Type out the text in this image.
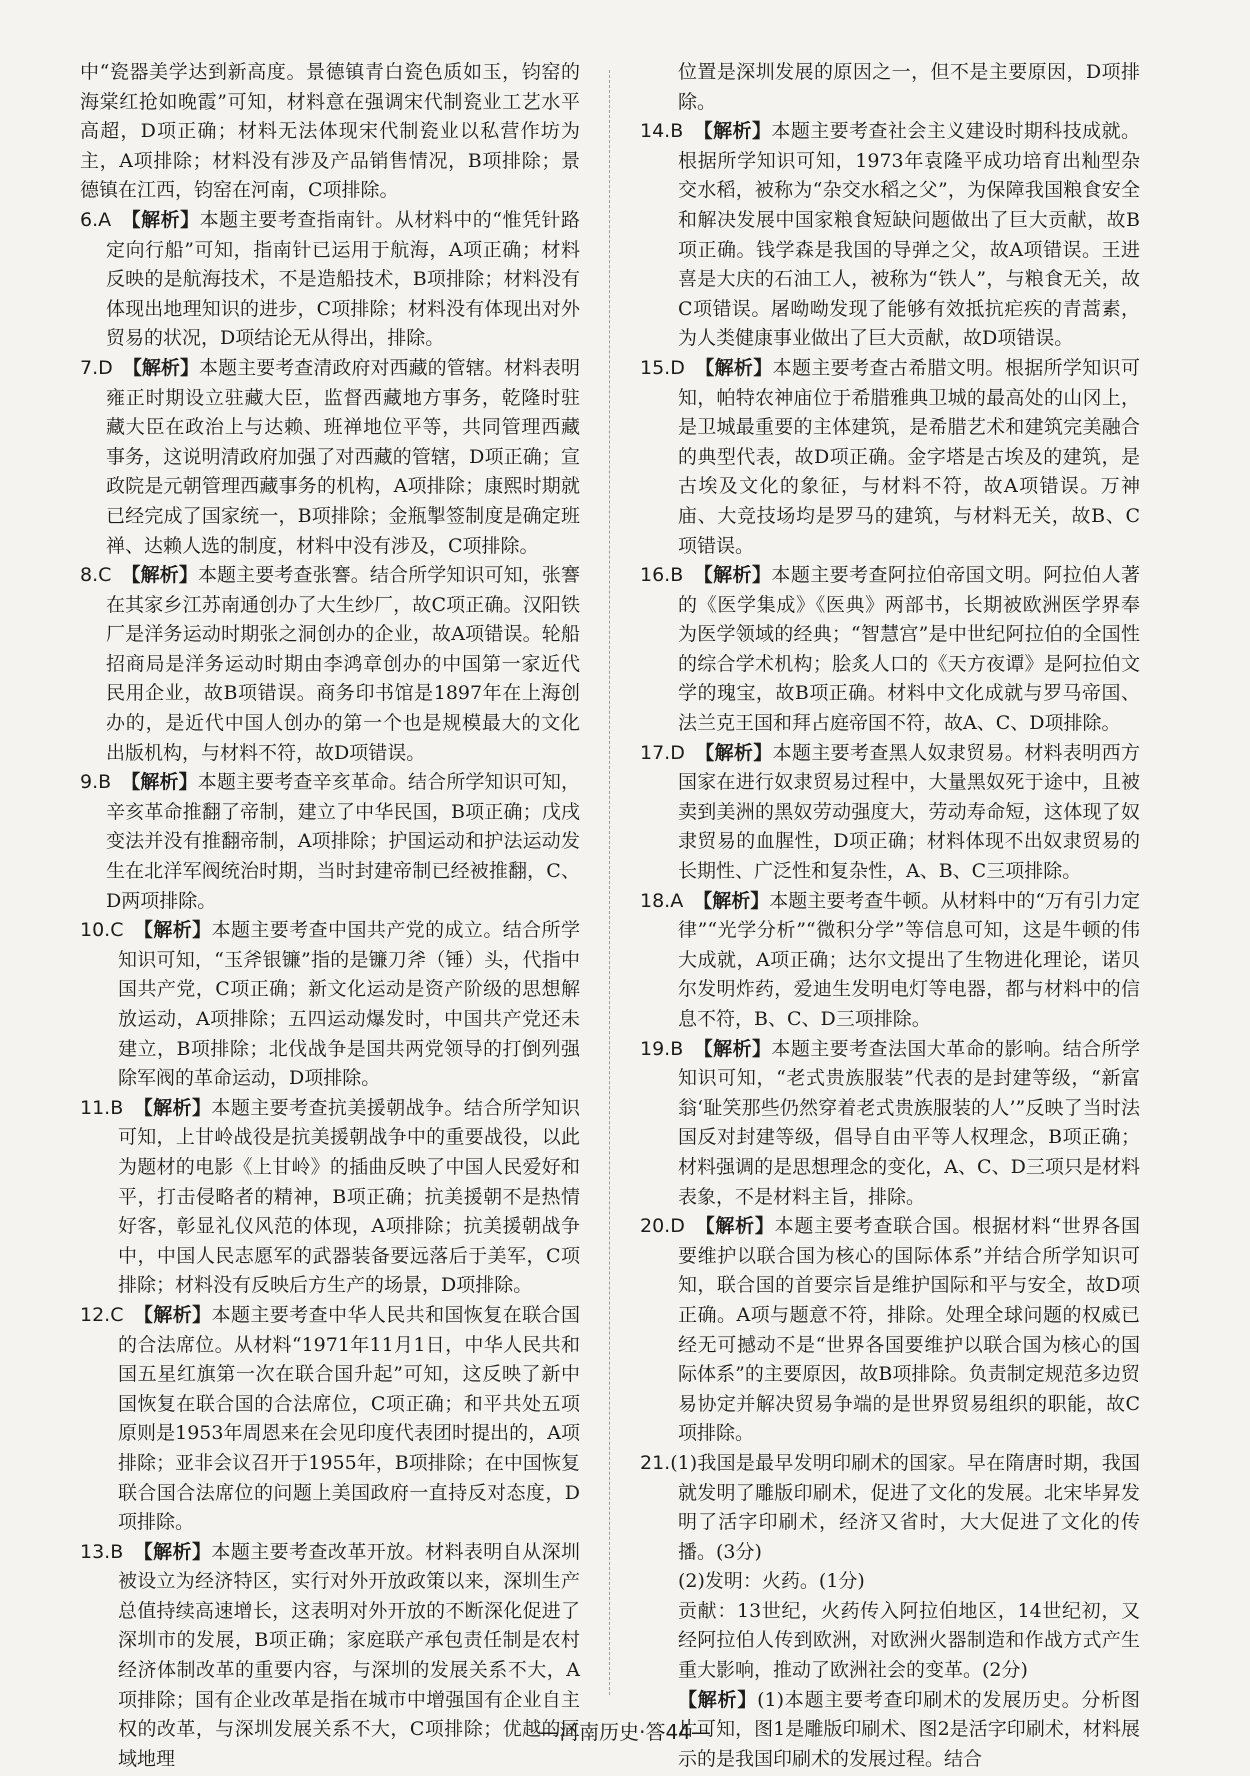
中“瓷器美学达到新高度。景德镇青白瓷色质如玉，钧窑的海棠红抢如晚霞”可知，材料意在强调宋代制瓷业工艺水平高超，D项正确；材料无法体现宋代制瓷业以私营作坊为主，A项排除；材料没有涉及产品销售情况，B项排除；景德镇在江西，钧窑在河南，C项排除。

6.A 【解析】本题主要考查指南针。从材料中的“惟凭针路定向行船”可知，指南针已运用于航海，A项正确；材料反映的是航海技术，不是造船技术，B项排除；材料没有体现出地理知识的进步，C项排除；材料没有体现出对外贸易的状况，D项结论无从得出，排除。

7.D 【解析】本题主要考查清政府对西藏的管辖。材料表明雍正时期设立驻藏大臣，监督西藏地方事务，乾隆时驻藏大臣在政治上与达赖、班禅地位平等，共同管理西藏事务，这说明清政府加强了对西藏的管辖，D项正确；宣政院是元朝管理西藏事务的机构，A项排除；康熙时期就已经完成了国家统一，B项排除；金瓶掣签制度是确定班禅、达赖人选的制度，材料中没有涉及，C项排除。

8.C 【解析】本题主要考查张謇。结合所学知识可知，张謇在其家乡江苏南通创办了大生纱厂，故C项正确。汉阳铁厂是洋务运动时期张之洞创办的企业，故A项错误。轮船招商局是洋务运动时期由李鸿章创办的中国第一家近代民用企业，故B项错误。商务印书馆是1897年在上海创办的，是近代中国人创办的第一个也是规模最大的文化出版机构，与材料不符，故D项错误。

9.B 【解析】本题主要考查辛亥革命。结合所学知识可知，辛亥革命推翻了帝制，建立了中华民国，B项正确；戊戌变法并没有推翻帝制，A项排除；护国运动和护法运动发生在北洋军阀统治时期，当时封建帝制已经被推翻，C、D两项排除。

10.C 【解析】本题主要考查中国共产党的成立。结合所学知识可知，“玉斧银镰”指的是镰刀斧（锤）头，代指中国共产党，C项正确；新文化运动是资产阶级的思想解放运动，A项排除；五四运动爆发时，中国共产党还未建立，B项排除；北伐战争是国共两党领导的打倒列强除军阀的革命运动，D项排除。

11.B 【解析】本题主要考查抗美援朝战争。结合所学知识可知，上甘岭战役是抗美援朝战争中的重要战役，以此为题材的电影《上甘岭》的插曲反映了中国人民爱好和平，打击侵略者的精神，B项正确；抗美援朝不是热情好客，彰显礼仪风范的体现，A项排除；抗美援朝战争中，中国人民志愿军的武器装备要远落后于美军，C项排除；材料没有反映后方生产的场景，D项排除。

12.C 【解析】本题主要考查中华人民共和国恢复在联合国的合法席位。从材料“1971年11月1日，中华人民共和国五星红旗第一次在联合国升起”可知，这反映了新中国恢复在联合国的合法席位，C项正确；和平共处五项原则是1953年周恩来在会见印度代表团时提出的，A项排除；亚非会议召开于1955年，B项排除；在中国恢复联合国合法席位的问题上美国政府一直持反对态度，D项排除。

13.B 【解析】本题主要考查改革开放。材料表明自从深圳被设立为经济特区，实行对外开放政策以来，深圳生产总值持续高速增长，这表明对外开放的不断深化促进了深圳市的发展，B项正确；家庭联产承包责任制是农村经济体制改革的重要内容，与深圳的发展关系不大，A项排除；国有企业改革是指在城市中增强国有企业自主权的改革，与深圳发展关系不大，C项排除；优越的区域地理

位置是深圳发展的原因之一，但不是主要原因，D项排除。

14.B 【解析】本题主要考查社会主义建设时期科技成就。根据所学知识可知，1973年袁隆平成功培育出籼型杂交水稻，被称为“杂交水稻之父”，为保障我国粮食安全和解决发展中国家粮食短缺问题做出了巨大贡献，故B项正确。钱学森是我国的导弹之父，故A项错误。王进喜是大庆的石油工人，被称为“铁人”，与粮食无关，故C项错误。屠呦呦发现了能够有效抵抗疟疾的青蒿素，为人类健康事业做出了巨大贡献，故D项错误。

15.D 【解析】本题主要考查古希腊文明。根据所学知识可知，帕特农神庙位于希腊雅典卫城的最高处的山冈上，是卫城最重要的主体建筑，是希腊艺术和建筑完美融合的典型代表，故D项正确。金字塔是古埃及的建筑，是古埃及文化的象征，与材料不符，故A项错误。万神庙、大竞技场均是罗马的建筑，与材料无关，故B、C项错误。

16.B 【解析】本题主要考查阿拉伯帝国文明。阿拉伯人著的《医学集成》《医典》两部书，长期被欧洲医学界奉为医学领域的经典；“智慧宫”是中世纪阿拉伯的全国性的综合学术机构；脍炙人口的《天方夜谭》是阿拉伯文学的瑰宝，故B项正确。材料中文化成就与罗马帝国、法兰克王国和拜占庭帝国不符，故A、C、D项排除。

17.D 【解析】本题主要考查黑人奴隶贸易。材料表明西方国家在进行奴隶贸易过程中，大量黑奴死于途中，且被卖到美洲的黑奴劳动强度大，劳动寿命短，这体现了奴隶贸易的血腥性，D项正确；材料体现不出奴隶贸易的长期性、广泛性和复杂性，A、B、C三项排除。

18.A 【解析】本题主要考查牛顿。从材料中的“万有引力定律”“光学分析”“微积分学”等信息可知，这是牛顿的伟大成就，A项正确；达尔文提出了生物进化理论，诺贝尔发明炸药，爱迪生发明电灯等电器，都与材料中的信息不符，B、C、D三项排除。

19.B 【解析】本题主要考查法国大革命的影响。结合所学知识可知，“老式贵族服装”代表的是封建等级，“新富翁‘耻笑那些仍然穿着老式贵族服装的人’”反映了当时法国反对封建等级，倡导自由平等人权理念，B项正确；材料强调的是思想理念的变化，A、C、D三项只是材料表象，不是材料主旨，排除。

20.D 【解析】本题主要考查联合国。根据材料“世界各国要维护以联合国为核心的国际体系”并结合所学知识可知，联合国的首要宗旨是维护国际和平与安全，故D项正确。A项与题意不符，排除。处理全球问题的权威已经无可撼动不是“世界各国要维护以联合国为核心的国际体系”的主要原因，故B项排除。负责制定规范多边贸易协定并解决贸易争端的是世界贸易组织的职能，故C项排除。

21.(1)我国是最早发明印刷术的国家。早在隋唐时期，我国就发明了雕版印刷术，促进了文化的发展。北宋毕昇发明了活字印刷术，经济又省时，大大促进了文化的传播。(3分)

(2)发明：火药。(1分)

贡献：13世纪，火药传入阿拉伯地区，14世纪初，又经阿拉伯人传到欧洲，对欧洲火器制造和作战方式产生重大影响，推动了欧洲社会的变革。(2分)

【解析】(1)本题主要考查印刷术的发展历史。分析图片可知，图1是雕版印刷术、图2是活字印刷术，材料展示的是我国印刷术的发展过程。结合

​
—河南历史·答44—
